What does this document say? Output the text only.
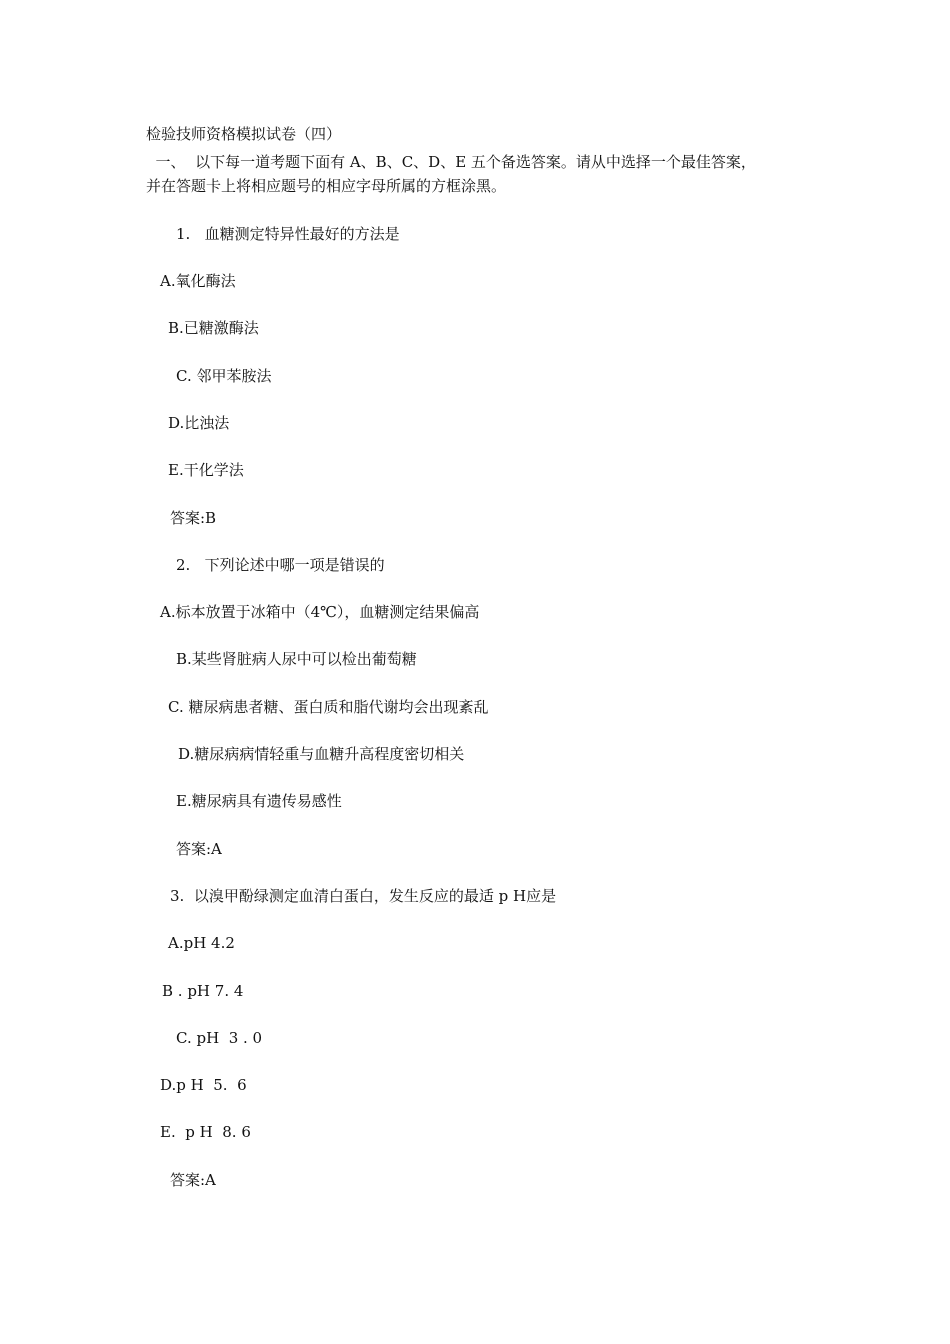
检验技师资格模拟试卷（四）
一、  以下每一道考题下面有 A、B、C、D、E 五个备选答案。请从中选择一个最佳答案，
并在答题卡上将相应题号的相应字母所属的方框涂黑。
1.   血糖测定特异性最好的方法是
A.氧化酶法
B.已糖激酶法
C. 邻甲苯胺法
D.比浊法
E.干化学法
答案:B
2.   下列论述中哪一项是错误的
A.标本放置于冰箱中（4℃），血糖测定结果偏高
B.某些肾脏病人尿中可以检出葡萄糖
C. 糖尿病患者糖、蛋白质和脂代谢均会出现紊乱
D.糖尿病病情轻重与血糖升高程度密切相关
E.糖尿病具有遗传易感性
答案:A
3.  以溴甲酚绿测定血清白蛋白，发生反应的最适 p H应是
A.pH 4.2
B . pH 7. 4
C. pH  3 . 0
D.p H  5.  6
E.  p H  8. 6
答案:A
